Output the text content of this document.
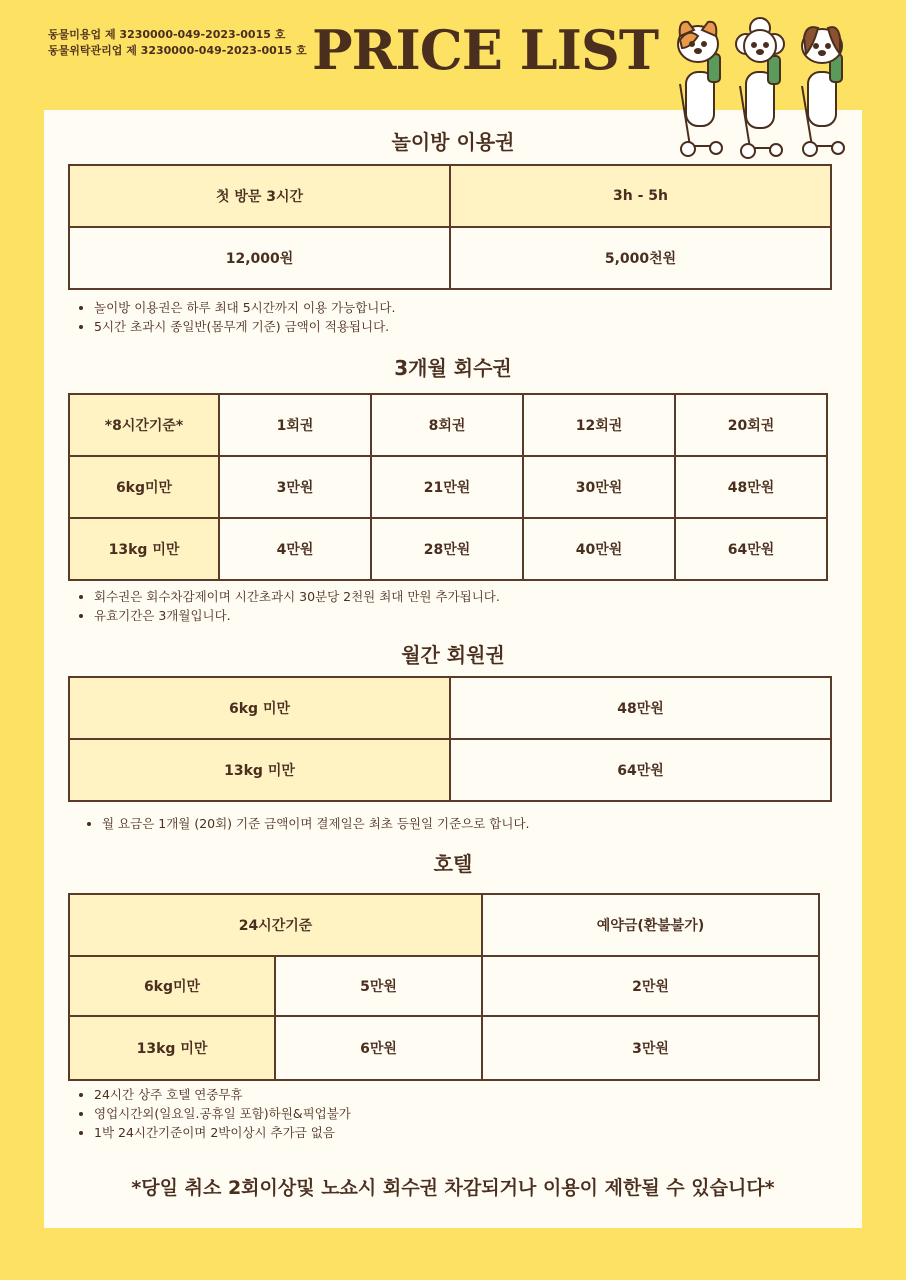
동물미용업 제 3230000-049-2023-0015 호
동물위탁관리업 제 3230000-049-2023-0015 호 PRICE LIST
놀이방 이용권
첫 방문 3시간	3h - 5h
12,000원	5,000천원
• 놀이방 이용권은 하루 최대 5시간까지 이용 가능합니다.
• 5시간 초과시 종일반(몸무게 기준) 금액이 적용됩니다.
3개월 회수권
*8시간기준*	1회권	8회권	12회권	20회권
6kg미만	3만원	21만원	30만원	48만원
13kg 미만	4만원	28만원	40만원	64만원
• 회수권은 회수차감제이며 시간초과시 30분당 2천원 최대 만원 추가됩니다.
• 유효기간은 3개월입니다.
월간 회원권
6kg 미만	48만원
13kg 미만	64만원
• 월 요금은 1개월 (20회) 기준 금액이며 결제일은 최초 등원일 기준으로 합니다.
호텔
24시간기준		예약금(환불불가)
6kg미만	5만원	2만원
13kg 미만	6만원	3만원
• 24시간 상주 호텔 연중무휴
• 영업시간외(일요일.공휴일 포함)하원&픽업불가
• 1박 24시간기준이며 2박이상시 추가금 없음
*당일 취소 2회이상및 노쇼시 회수권 차감되거나 이용이 제한될 수 있습니다*
